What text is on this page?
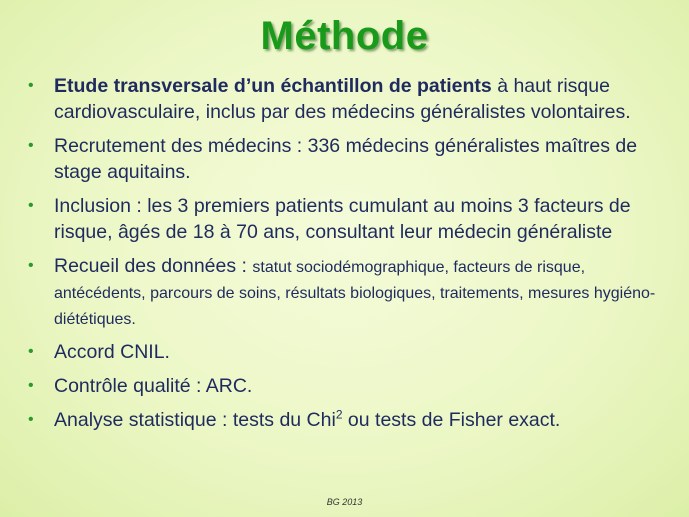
Méthode
• Etude transversale d’un échantillon de patients à haut risque cardiovasculaire, inclus par des médecins généralistes volontaires.
• Recrutement des médecins : 336 médecins généralistes maîtres de stage aquitains.
• Inclusion : les 3 premiers patients cumulant au moins 3 facteurs de risque, âgés de 18 à 70 ans, consultant leur médecin généraliste
• Recueil des données : statut sociodémographique, facteurs de risque, antécédents, parcours de soins, résultats biologiques, traitements, mesures hygiéno-diététiques.
• Accord CNIL.
• Contrôle qualité : ARC.
• Analyse statistique : tests du Chi$^2$ ou tests de Fisher exact.
BG 2013
